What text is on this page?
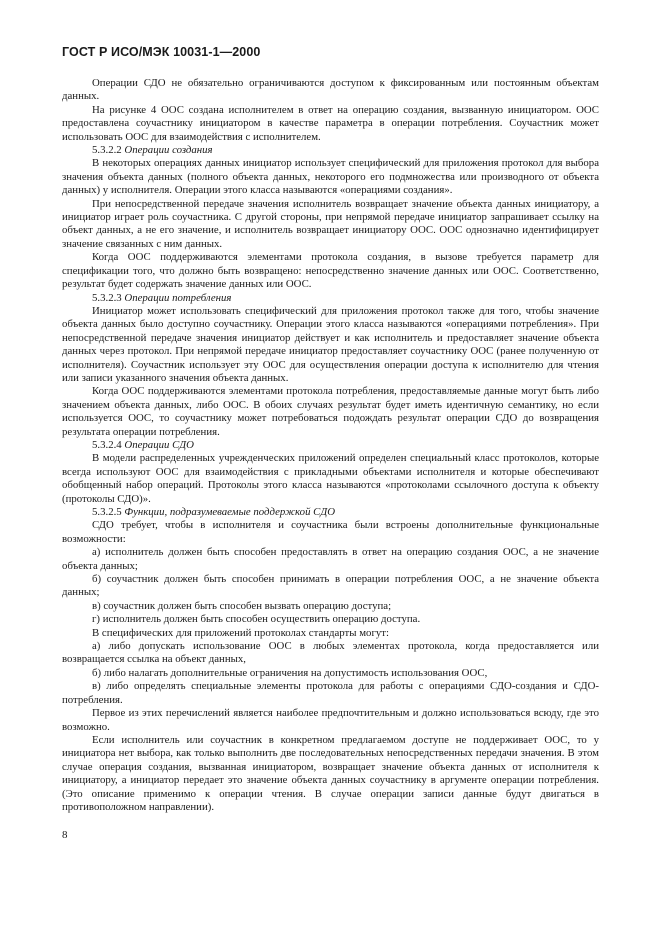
ГОСТ Р ИСО/МЭК 10031-1—2000

Операции СДО не обязательно ограничиваются доступом к фиксированным или постоянным объектам данных.

На рисунке 4 ООС создана исполнителем в ответ на операцию создания, вызванную инициатором. ООС предоставлена соучастнику инициатором в качестве параметра в операции потребления. Соучастник может использовать ООС для взаимодействия с исполнителем.

5.3.2.2 Операции создания

В некоторых операциях данных инициатор использует специфический для приложения протокол для выбора значения объекта данных (полного объекта данных, некоторого его подмножества или производного от объекта данных) у исполнителя. Операции этого класса называются «операциями создания».

При непосредственной передаче значения исполнитель возвращает значение объекта данных инициатору, а инициатор играет роль соучастника. С другой стороны, при непрямой передаче инициатор запрашивает ссылку на объект данных, а не его значение, и исполнитель возвращает инициатору ООС. ООС однозначно идентифицирует значение связанных с ним данных.

Когда ООС поддерживаются элементами протокола создания, в вызове требуется параметр для спецификации того, что должно быть возвращено: непосредственно значение данных или ООС. Соответственно, результат будет содержать значение данных или ООС.

5.3.2.3 Операции потребления

Инициатор может использовать специфический для приложения протокол также для того, чтобы значение объекта данных было доступно соучастнику. Операции этого класса называются «операциями потребления». При непосредственной передаче значения инициатор действует и как исполнитель и предоставляет значение объекта данных через протокол. При непрямой передаче инициатор предоставляет соучастнику ООС (ранее полученную от исполнителя). Соучастник использует эту ООС для осуществления операции доступа к исполнителю для чтения или записи указанного значения объекта данных.

Когда ООС поддерживаются элементами протокола потребления, предоставляемые данные могут быть либо значением объекта данных, либо ООС. В обоих случаях результат будет иметь идентичную семантику, но если используется ООС, то соучастнику может потребоваться подождать результат операции СДО до возвращения результата операции потребления.

5.3.2.4 Операции СДО

В модели распределенных учрежденческих приложений определен специальный класс протоколов, которые всегда используют ООС для взаимодействия с прикладными объектами исполнителя и которые обеспечивают обобщенный набор операций. Протоколы этого класса называются «протоколами ссылочного доступа к объекту (протоколы СДО)».

5.3.2.5 Функции, подразумеваемые поддержкой СДО

СДО требует, чтобы в исполнителя и соучастника были встроены дополнительные функциональные возможности:

а) исполнитель должен быть способен предоставлять в ответ на операцию создания ООС, а не значение объекта данных;

б) соучастник должен быть способен принимать в операции потребления ООС, а не значение объекта данных;

в) соучастник должен быть способен вызвать операцию доступа;

г) исполнитель должен быть способен осуществить операцию доступа.

В специфических для приложений протоколах стандарты могут:

а) либо допускать использование ООС в любых элементах протокола, когда предоставляется или возвращается ссылка на объект данных,

б) либо налагать дополнительные ограничения на допустимость использования ООС,

в) либо определять специальные элементы протокола для работы с операциями СДО-создания и СДО-потребления.

Первое из этих перечислений является наиболее предпочтительным и должно использоваться всюду, где это возможно.

Если исполнитель или соучастник в конкретном предлагаемом доступе не поддерживает ООС, то у инициатора нет выбора, как только выполнить две последовательных непосредственных передачи значения. В этом случае операция создания, вызванная инициатором, возвращает значение объекта данных от исполнителя к инициатору, а инициатор передает это значение объекта данных соучастнику в аргументе операции потребления. (Это описание применимо к операции чтения. В случае операции записи данные будут двигаться в противоположном направлении).

8
